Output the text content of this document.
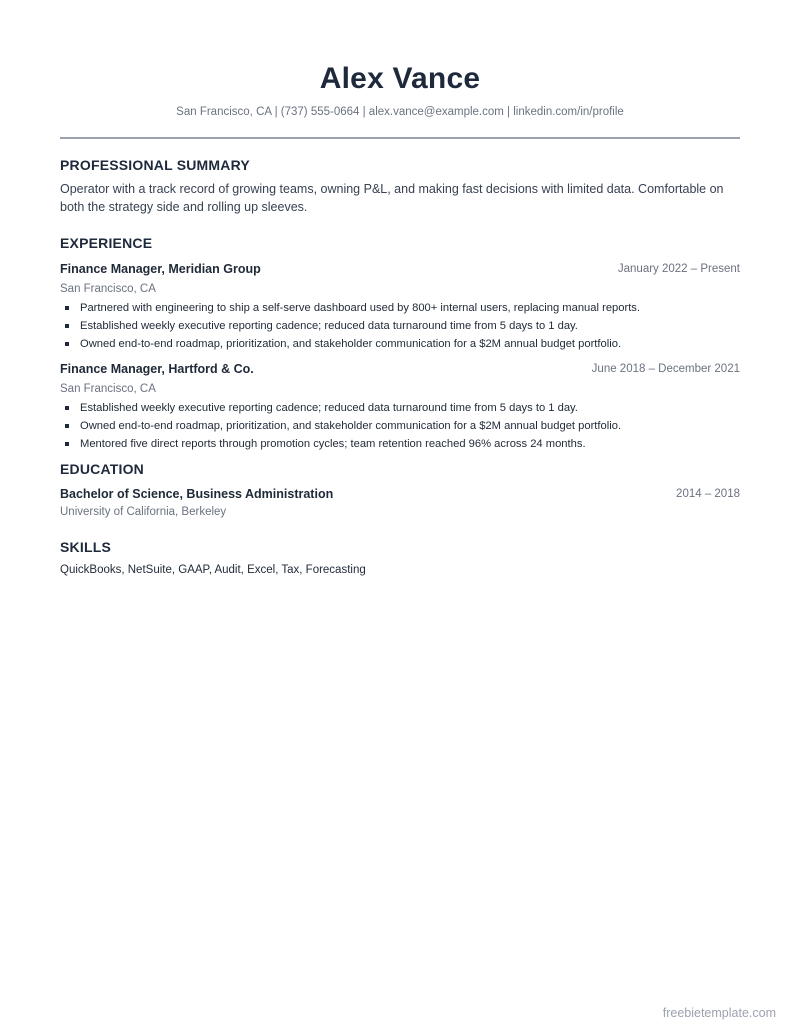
Alex Vance
San Francisco, CA | (737) 555-0664 | alex.vance@example.com | linkedin.com/in/profile
PROFESSIONAL SUMMARY
Operator with a track record of growing teams, owning P&L, and making fast decisions with limited data. Comfortable on both the strategy side and rolling up sleeves.
EXPERIENCE
Finance Manager, Meridian Group	January 2022 – Present
San Francisco, CA
Partnered with engineering to ship a self-serve dashboard used by 800+ internal users, replacing manual reports.
Established weekly executive reporting cadence; reduced data turnaround time from 5 days to 1 day.
Owned end-to-end roadmap, prioritization, and stakeholder communication for a $2M annual budget portfolio.
Finance Manager, Hartford & Co.	June 2018 – December 2021
San Francisco, CA
Established weekly executive reporting cadence; reduced data turnaround time from 5 days to 1 day.
Owned end-to-end roadmap, prioritization, and stakeholder communication for a $2M annual budget portfolio.
Mentored five direct reports through promotion cycles; team retention reached 96% across 24 months.
EDUCATION
Bachelor of Science, Business Administration	2014 – 2018
University of California, Berkeley
SKILLS
QuickBooks, NetSuite, GAAP, Audit, Excel, Tax, Forecasting
freebietemplate.com
